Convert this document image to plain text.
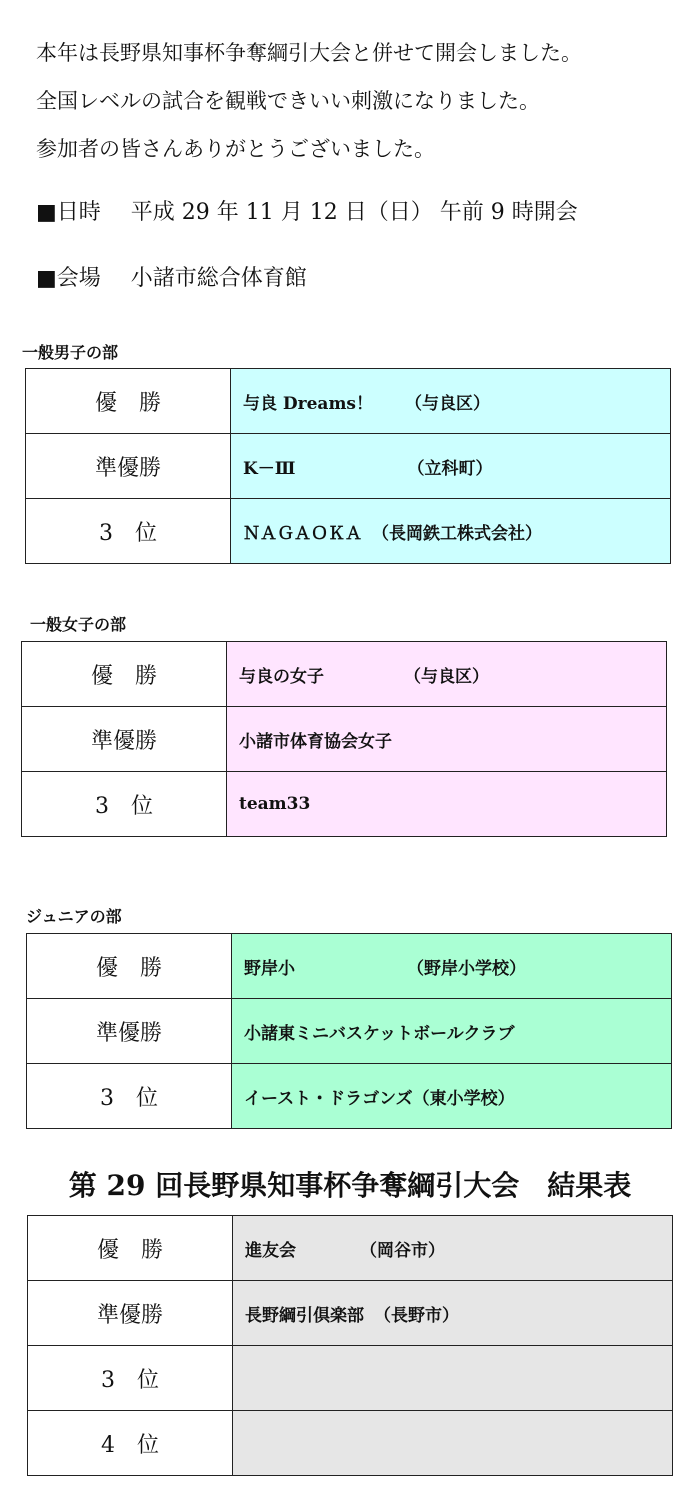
本年は長野県知事杯争奪綱引大会と併せて開会しました。
全国レベルの試合を観戦できいい刺激になりました。
参加者の皆さんありがとうございました。
■日時 平成 29 年 11 月 12 日（日） 午前 9 時開会
■会場 小諸市総合体育館
一般男子の部
優　勝	与良 Dreams！ （与良区）
準優勝	K－Ⅲ （立科町）
3　位	ＮＡＧＡＯＫＡ （長岡鉄工株式会社）
一般女子の部
優　勝	与良の女子 （与良区）
準優勝	小諸市体育協会女子
3　位	team33
ジュニアの部
優　勝	野岸小 （野岸小学校）
準優勝	小諸東ミニバスケットボールクラブ
3　位	イースト・ドラゴンズ（東小学校）
第 29 回長野県知事杯争奪綱引大会　結果表
優　勝	進友会 （岡谷市）
準優勝	長野綱引倶楽部 （長野市）
3　位	
4　位	
